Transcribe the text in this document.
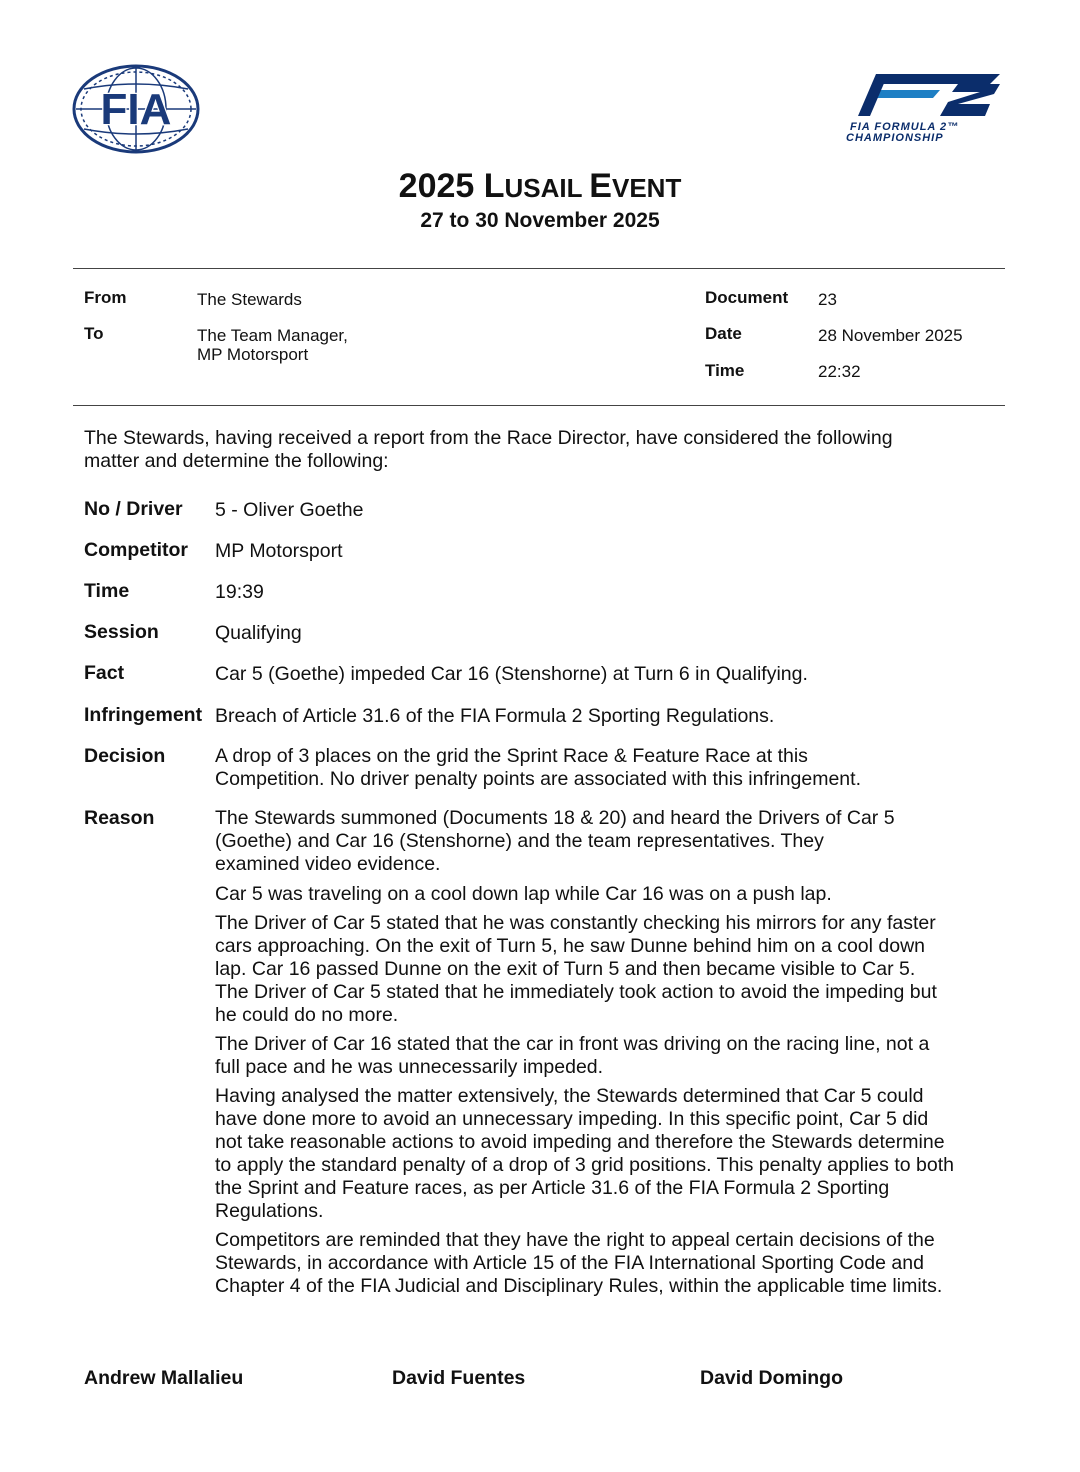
FIA	FIA FORMULA 2™
CHAMPIONSHIP
2025 LUSAIL EVENT
27 to 30 November 2025
From	The Stewards
To	The Team Manager,
MP Motorsport
Document 23
Date	28 November 2025
Time	22:32
The Stewards, having received a report from the Race Director, have considered the following
matter and determine the following:
No / Driver 5 - Oliver Goethe
Competitor MP Motorsport
Time	19:39
Session	Qualifying
Fact	Car 5 (Goethe) impeded Car 16 (Stenshorne) at Turn 6 in Qualifying.
Infringement Breach of Article 31.6 of the FIA Formula 2 Sporting Regulations.
Decision	A drop of 3 places on the grid the Sprint Race & Feature Race at this
Competition. No driver penalty points are associated with this infringement.
Reason	The Stewards summoned (Documents 18 & 20) and heard the Drivers of Car 5
(Goethe) and Car 16 (Stenshorne) and the team representatives. They
examined video evidence.
Car 5 was traveling on a cool down lap while Car 16 was on a push lap.
The Driver of Car 5 stated that he was constantly checking his mirrors for any faster
cars approaching. On the exit of Turn 5, he saw Dunne behind him on a cool down
lap. Car 16 passed Dunne on the exit of Turn 5 and then became visible to Car 5.
The Driver of Car 5 stated that he immediately took action to avoid the impeding but
he could do no more.
The Driver of Car 16 stated that the car in front was driving on the racing line, not a
full pace and he was unnecessarily impeded.
Having analysed the matter extensively, the Stewards determined that Car 5 could
have done more to avoid an unnecessary impeding. In this specific point, Car 5 did
not take reasonable actions to avoid impeding and therefore the Stewards determine
to apply the standard penalty of a drop of 3 grid positions. This penalty applies to both
the Sprint and Feature races, as per Article 31.6 of the FIA Formula 2 Sporting
Regulations.
Competitors are reminded that they have the right to appeal certain decisions of the
Stewards, in accordance with Article 15 of the FIA International Sporting Code and
Chapter 4 of the FIA Judicial and Disciplinary Rules, within the applicable time limits.
Andrew Mallalieu	David Fuentes	David Domingo
